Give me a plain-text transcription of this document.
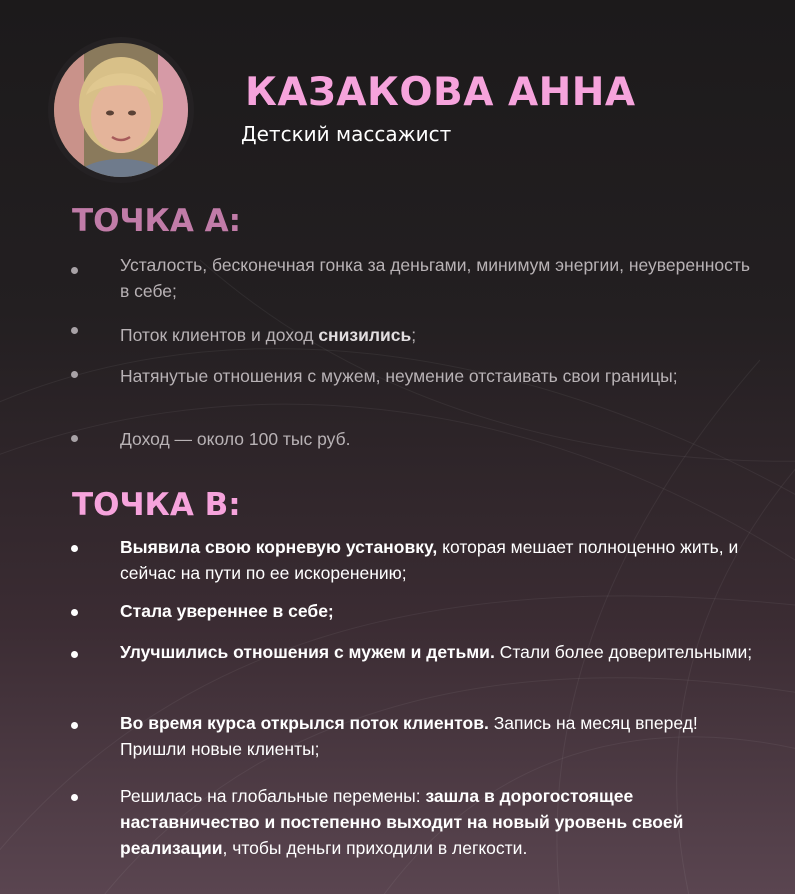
КАЗАКОВА АННА

Детский массажист

ТОЧКА А:
Усталость, бесконечная гонка за деньгами, минимум энергии, неуверенность в себе;
Поток клиентов и доход снизились;
Натянутые отношения с мужем, неумение отстаивать свои границы;
Доход — около 100 тыс руб.
ТОЧКА В:
Выявила свою корневую установку, которая мешает полноценно жить, и сейчас на пути по ее искоренению;
Стала увереннее в себе;
Улучшились отношения с мужем и детьми. Стали более доверительными;
Во время курса открылся поток клиентов. Запись на месяц вперед! Пришли новые клиенты;
Решилась на глобальные перемены: зашла в дорогостоящее наставничество и постепенно выходит на новый уровень своей реализации, чтобы деньги приходили в легкости.
